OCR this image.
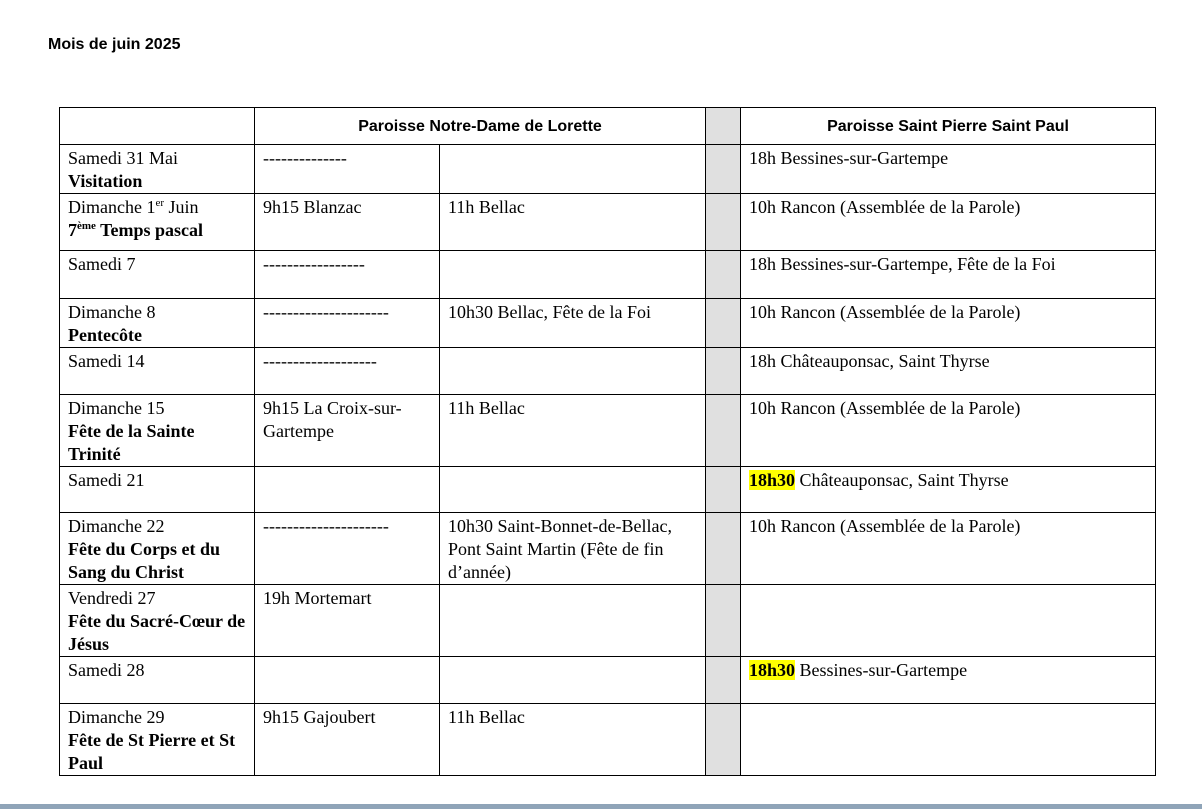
Mois de juin 2025
	Paroisse Notre-Dame de Lorette			Paroisse Saint Pierre Saint Paul

Samedi 31 Mai
Visitation	--------------			18h Bessines-sur-Gartempe

Dimanche 1er Juin
7ème Temps pascal	9h15 Blanzac	11h Bellac		10h Rancon (Assemblée de la Parole)

Samedi 7	-----------------			18h Bessines-sur-Gartempe, Fête de la Foi

Dimanche 8
Pentecôte	---------------------	10h30 Bellac, Fête de la Foi		10h Rancon (Assemblée de la Parole)

Samedi 14	-------------------			18h Châteauponsac, Saint Thyrse

Dimanche 15
Fête de la Sainte Trinité	9h15 La Croix-sur-Gartempe	11h Bellac		10h Rancon (Assemblée de la Parole)

Samedi 21				18h30 Châteauponsac, Saint Thyrse

Dimanche 22
Fête du Corps et du Sang du Christ	---------------------	10h30 Saint-Bonnet-de-Bellac, Pont Saint Martin (Fête de fin d’année)		10h Rancon (Assemblée de la Parole)

Vendredi 27
Fête du Sacré-Cœur de Jésus	19h Mortemart			

Samedi 28				18h30 Bessines-sur-Gartempe

Dimanche 29
Fête de St Pierre et St Paul	9h15 Gajoubert	11h Bellac		
